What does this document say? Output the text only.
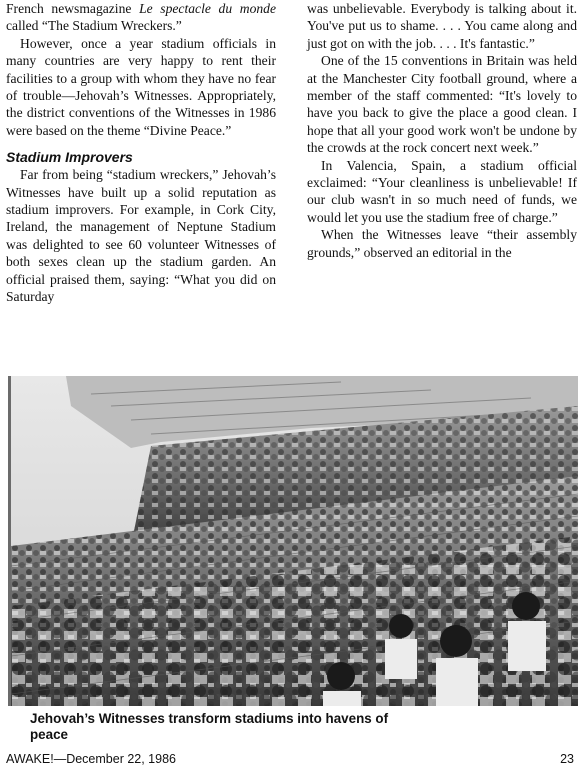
French newsmagazine Le spectacle du monde called “The Stadium Wreckers.”

However, once a year stadium officials in many countries are very happy to rent their facilities to a group with whom they have no fear of trouble—Jehovah’s Witnesses. Appropriately, the district conventions of the Witnesses in 1986 were based on the theme “Divine Peace.”

Stadium Improvers

Far from being “stadium wreckers,” Jehovah’s Witnesses have built up a solid reputation as stadium improvers. For example, in Cork City, Ireland, the management of Neptune Stadium was delighted to see 60 volunteer Witnesses of both sexes clean up the stadium garden. An official praised them, saying: “What you did on Saturday

was unbelievable. Everybody is talking about it. You've put us to shame. . . . You came along and just got on with the job. . . . It's fantastic.”

One of the 15 conventions in Britain was held at the Manchester City football ground, where a member of the staff commented: “It's lovely to have you back to give the place a good clean. I hope that all your good work won't be undone by the crowds at the rock concert next week.”

In Valencia, Spain, a stadium official exclaimed: “Your cleanliness is unbelievable! If our club wasn't in so much need of funds, we would let you use the stadium free of charge.”

When the Witnesses leave “their assembly grounds,” observed an editorial in the

Jehovah’s Witnesses transform stadiums into havens of peace
AWAKE!—December 22, 1986	23
